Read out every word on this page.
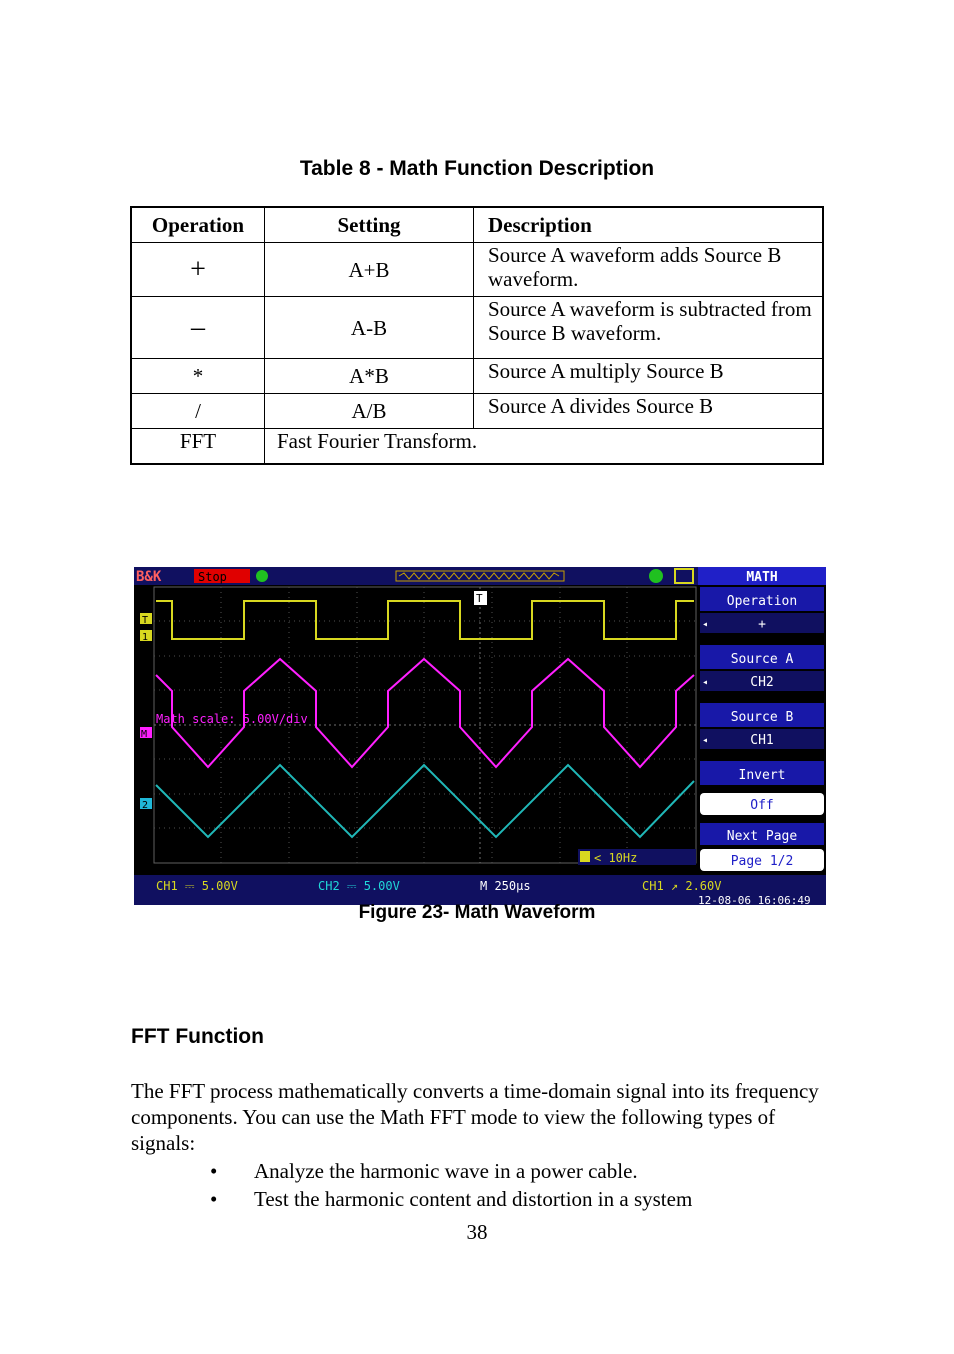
Table 8 - Math Function Description
Operation	Setting	Description
+	A+B	Source A waveform adds Source B waveform.
–	A-B	Source A waveform is subtracted from Source B waveform.
*	A*B	Source A multiply Source B
/	A/B	Source A divides Source B
FFT	Fast Fourier Transform.	
B&K	Stop
T
1
M
2
T
Math scale: 5.00V/div
< 10Hz
CH1 ⎓ 5.00V	CH2 ⎓ 5.00V	M 250μs	CH1 ↗ 2.60V
12-08-06 16:06:49
MATH
Operation
◂	+
Source A
◂	CH2
Source B
◂	CH1
Invert
Off
Next Page
Page 1/2
Figure 23- Math Waveform
FFT Function
The FFT process mathematically converts a time-domain signal into its frequency components. You can use the Math FFT mode to view the following types of signals:
• Analyze the harmonic wave in a power cable.
• Test the harmonic content and distortion in a system
38
